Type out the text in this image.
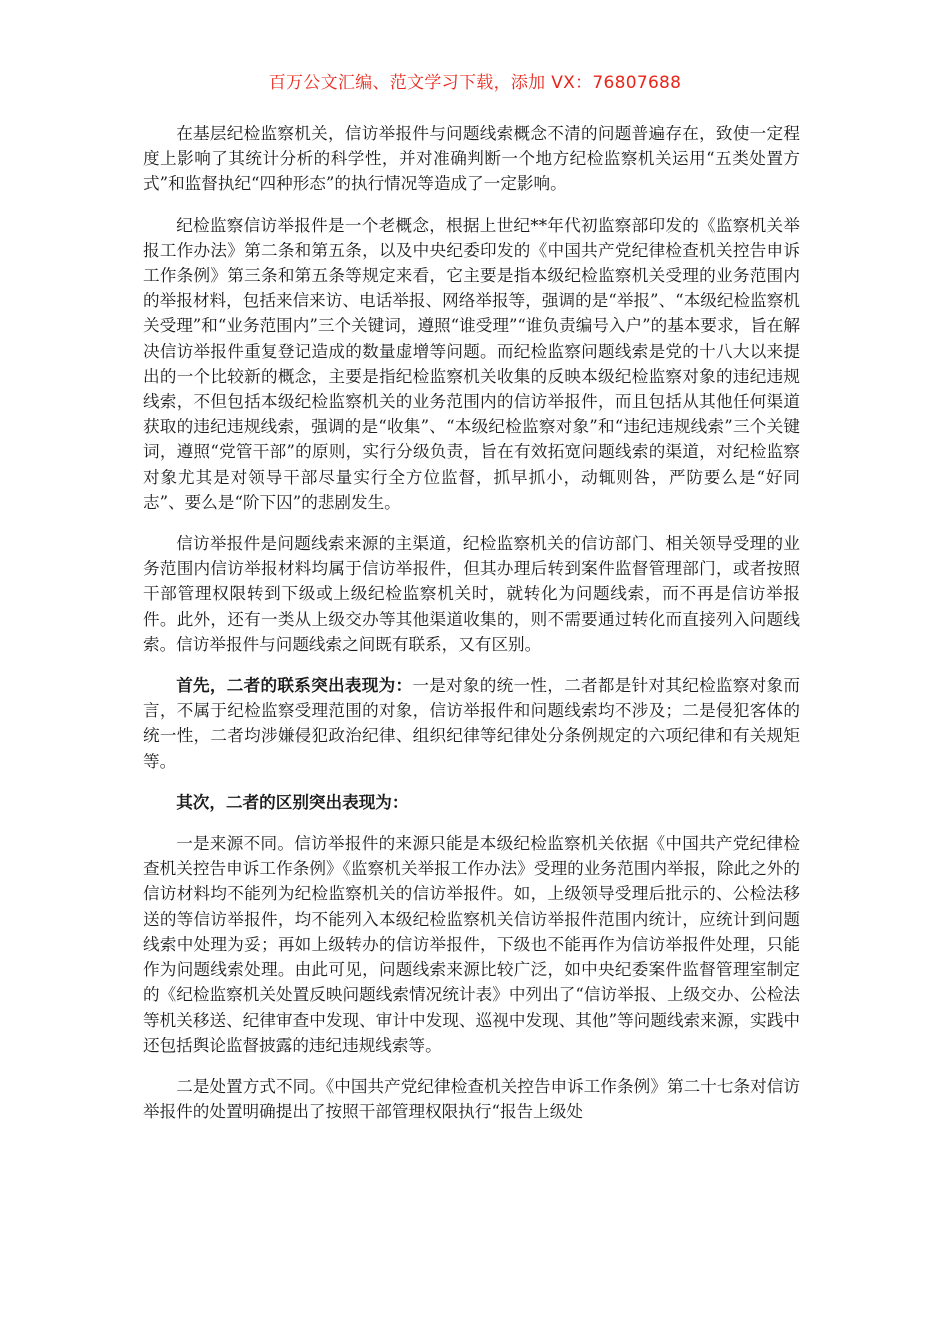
百万公文汇编、范文学习下载，添加 VX：76807688

在基层纪检监察机关，信访举报件与问题线索概念不清的问题普遍存在，致使一定程度上影响了其统计分析的科学性，并对准确判断一个地方纪检监察机关运用“五类处置方式”和监督执纪“四种形态”的执行情况等造成了一定影响。

纪检监察信访举报件是一个老概念，根据上世纪**年代初监察部印发的《监察机关举报工作办法》第二条和第五条，以及中央纪委印发的《中国共产党纪律检查机关控告申诉工作条例》第三条和第五条等规定来看，它主要是指本级纪检监察机关受理的业务范围内的举报材料，包括来信来访、电话举报、网络举报等，强调的是“举报”、“本级纪检监察机关受理”和“业务范围内”三个关键词，遵照“谁受理”“谁负责编号入户”的基本要求，旨在解决信访举报件重复登记造成的数量虚增等问题。而纪检监察问题线索是党的十八大以来提出的一个比较新的概念，主要是指纪检监察机关收集的反映本级纪检监察对象的违纪违规线索，不但包括本级纪检监察机关的业务范围内的信访举报件，而且包括从其他任何渠道获取的违纪违规线索，强调的是“收集”、“本级纪检监察对象”和“违纪违规线索”三个关键词，遵照“党管干部”的原则，实行分级负责，旨在有效拓宽问题线索的渠道，对纪检监察对象尤其是对领导干部尽量实行全方位监督，抓早抓小，动辄则咎，严防要么是“好同志”、要么是“阶下囚”的悲剧发生。

信访举报件是问题线索来源的主渠道，纪检监察机关的信访部门、相关领导受理的业务范围内信访举报材料均属于信访举报件，但其办理后转到案件监督管理部门，或者按照干部管理权限转到下级或上级纪检监察机关时，就转化为问题线索，而不再是信访举报件。此外，还有一类从上级交办等其他渠道收集的，则不需要通过转化而直接列入问题线索。信访举报件与问题线索之间既有联系，又有区别。

首先，二者的联系突出表现为：一是对象的统一性，二者都是针对其纪检监察对象而言，不属于纪检监察受理范围的对象，信访举报件和问题线索均不涉及；二是侵犯客体的统一性，二者均涉嫌侵犯政治纪律、组织纪律等纪律处分条例规定的六项纪律和有关规矩等。

其次，二者的区别突出表现为：

一是来源不同。信访举报件的来源只能是本级纪检监察机关依据《中国共产党纪律检查机关控告申诉工作条例》《监察机关举报工作办法》受理的业务范围内举报，除此之外的信访材料均不能列为纪检监察机关的信访举报件。如，上级领导受理后批示的、公检法移送的等信访举报件，均不能列入本级纪检监察机关信访举报件范围内统计，应统计到问题线索中处理为妥；再如上级转办的信访举报件，下级也不能再作为信访举报件处理，只能作为问题线索处理。由此可见，问题线索来源比较广泛，如中央纪委案件监督管理室制定的《纪检监察机关处置反映问题线索情况统计表》中列出了“信访举报、上级交办、公检法等机关移送、纪律审查中发现、审计中发现、巡视中发现、其他”等问题线索来源，实践中还包括舆论监督披露的违纪违规线索等。

二是处置方式不同。《中国共产党纪律检查机关控告申诉工作条例》第二十七条对信访举报件的处置明确提出了按照干部管理权限执行“报告上级处
